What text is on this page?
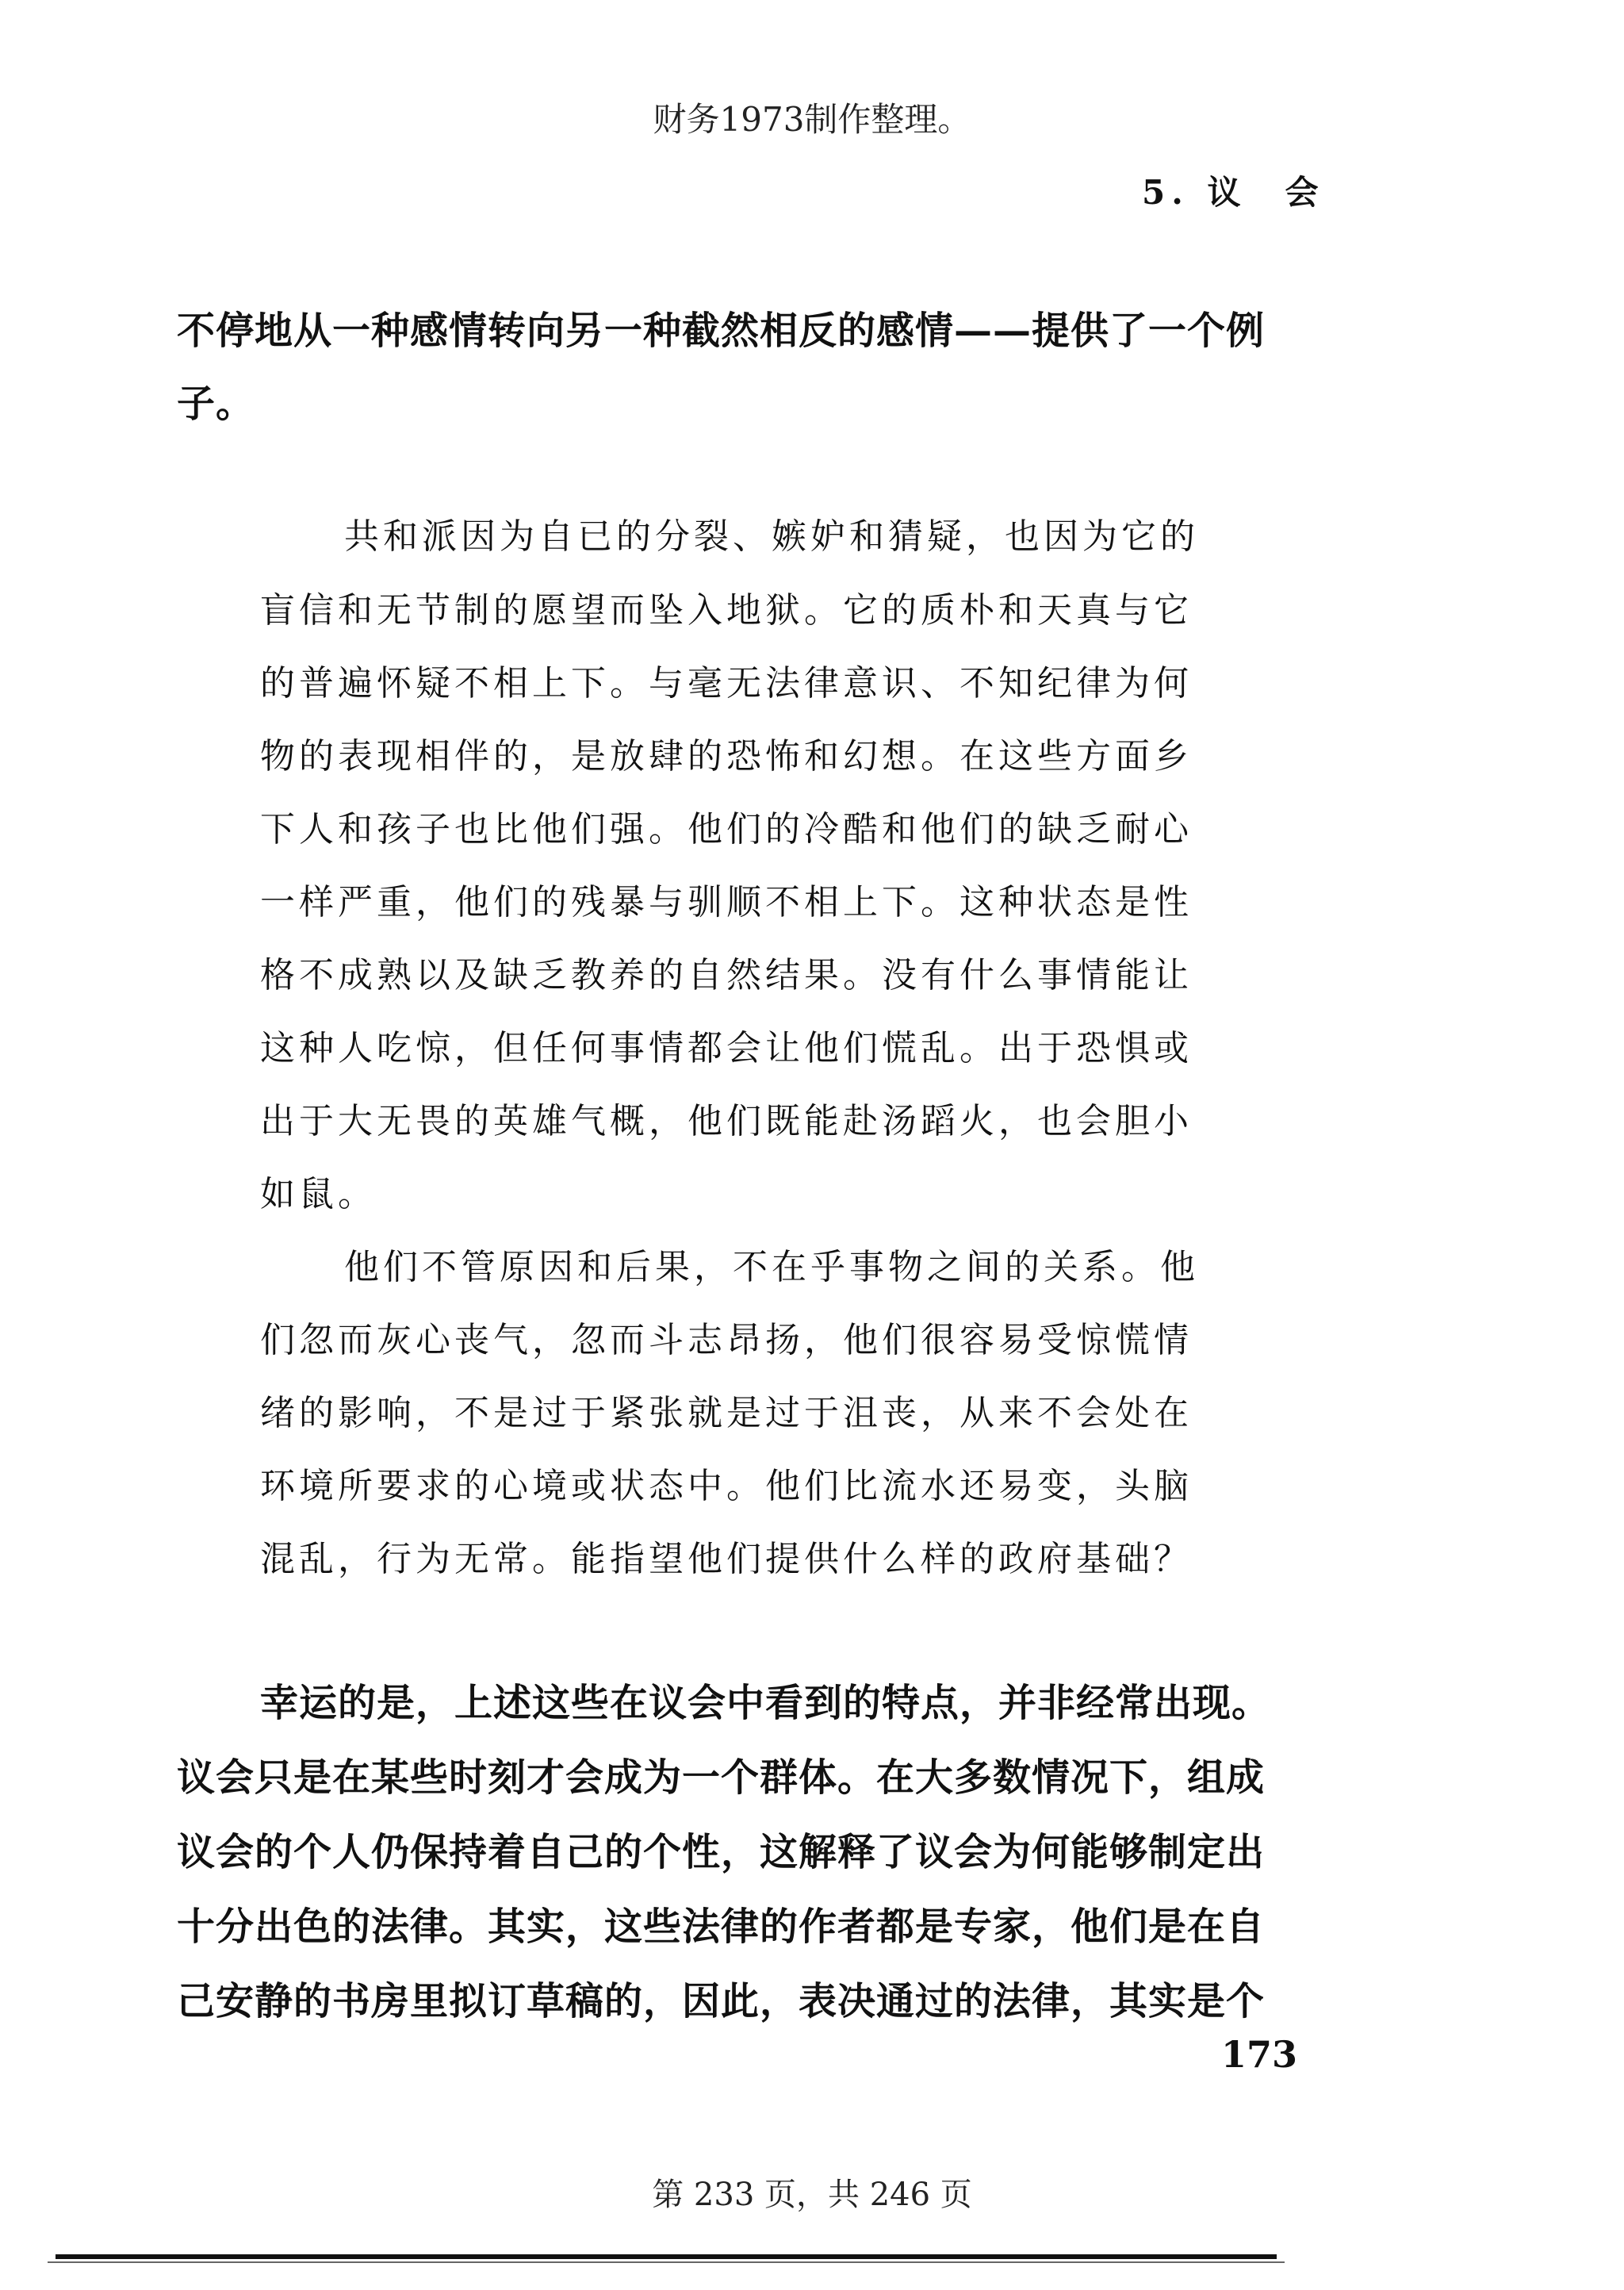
财务1973制作整理。
5. 议 会

不停地从一种感情转向另一种截然相反的感情——提供了一个例

子。

共和派因为自已的分裂、嫉妒和猜疑，也因为它的

盲信和无节制的愿望而坠入地狱。它的质朴和天真与它

的普遍怀疑不相上下。与毫无法律意识、不知纪律为何

物的表现相伴的，是放肆的恐怖和幻想。在这些方面乡

下人和孩子也比他们强。他们的冷酷和他们的缺乏耐心

一样严重，他们的残暴与驯顺不相上下。这种状态是性

格不成熟以及缺乏教养的自然结果。没有什么事情能让

这种人吃惊，但任何事情都会让他们慌乱。出于恐惧或

出于大无畏的英雄气概，他们既能赴汤蹈火，也会胆小

如鼠。

他们不管原因和后果，不在乎事物之间的关系。他

们忽而灰心丧气，忽而斗志昂扬，他们很容易受惊慌情

绪的影响，不是过于紧张就是过于沮丧，从来不会处在

环境所要求的心境或状态中。他们比流水还易变，头脑

混乱，行为无常。能指望他们提供什么样的政府基础？

幸运的是，上述这些在议会中看到的特点，并非经常出现。

议会只是在某些时刻才会成为一个群体。在大多数情况下，组成

议会的个人仍保持着自己的个性，这解释了议会为何能够制定出

十分出色的法律。其实，这些法律的作者都是专家，他们是在自

己安静的书房里拟订草稿的，因此，表决通过的法律，其实是个

173
第 233 页，共 246 页
